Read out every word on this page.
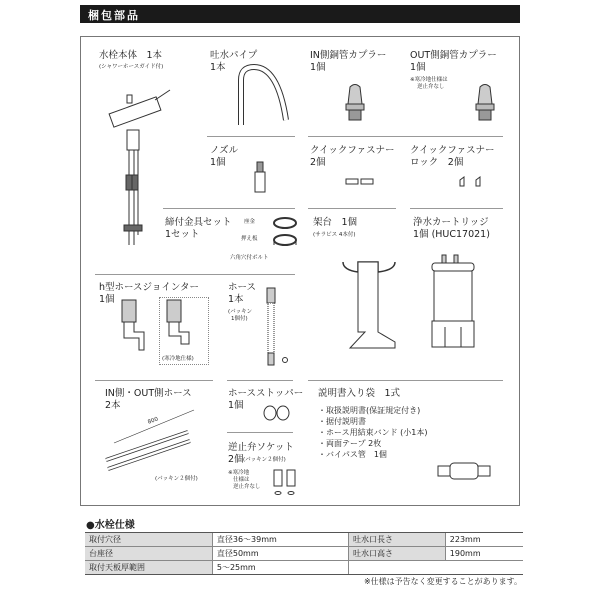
梱包部品
水栓本体　1本
(シャワーホースガイド付)
吐水パイプ
1本
IN側銅管カプラー
1個
OUT側銅管カプラー
1個
※寒冷地仕様は
逆止弁なし
ノズル
1個
クイックファスナー
2個
クイックファスナー
ロック　2個
締付金具セット
1セット
座金
押え板
六角穴付ボルト
架台　1個
(サラビス 4本付)
浄水カートリッジ
1個 (HUC17021)
h型ホースジョインター
1個
(寒冷地仕様)
ホース
1本
(パッキン
1個付)
IN側・OUT側ホース
2本
800
(パッキン２個付)
ホースストッパー
1個
逆止弁ソケット
2個 (パッキン２個付)
※寒冷地
仕様は
逆止弁なし
説明書入り袋　1式
・取扱説明書(保証規定付き)
・据付説明書
・ホース用結束バンド (小1本)
・両面テープ 2枚
・バイパス管　1個
●水栓仕様
取付穴径	直径36～39mm	吐水口長さ	223mm
台座径	直径50mm	吐水口高さ	190mm
取付天板厚範囲	5～25mm		
※仕様は予告なく変更することがあります。
